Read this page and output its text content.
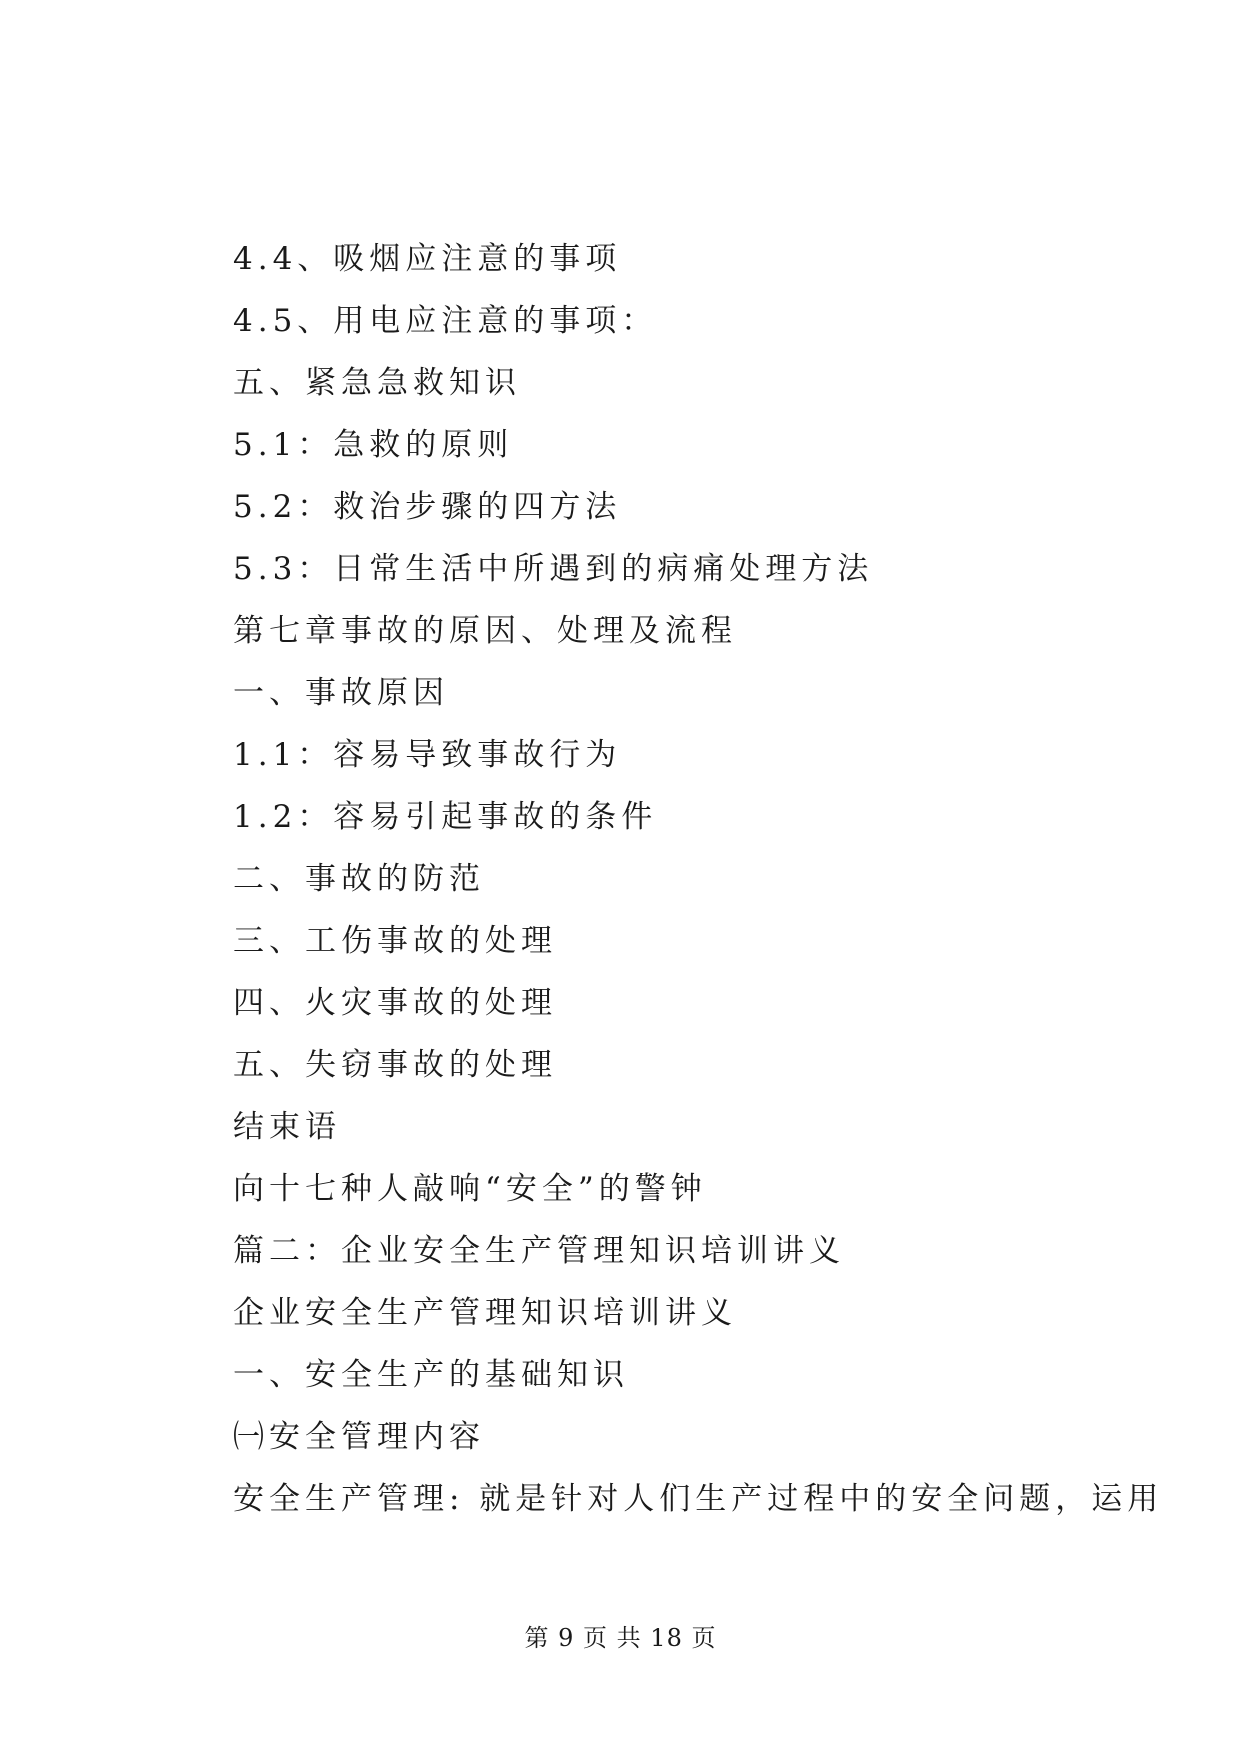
4.4、吸烟应注意的事项
4.5、用电应注意的事项：
五、紧急急救知识
5.1：急救的原则
5.2：救治步骤的四方法
5.3：日常生活中所遇到的病痛处理方法
第七章事故的原因、处理及流程
一、事故原因
1.1：容易导致事故行为
1.2：容易引起事故的条件
二、事故的防范
三、工伤事故的处理
四、火灾事故的处理
五、失窃事故的处理
结束语
向十七种人敲响“安全”的警钟
篇二：企业安全生产管理知识培训讲义
企业安全生产管理知识培训讲义
一、安全生产的基础知识
㈠安全管理内容
安全生产管理: 就是针对人们生产过程中的安全问题，运用
第 9 页 共 18 页
